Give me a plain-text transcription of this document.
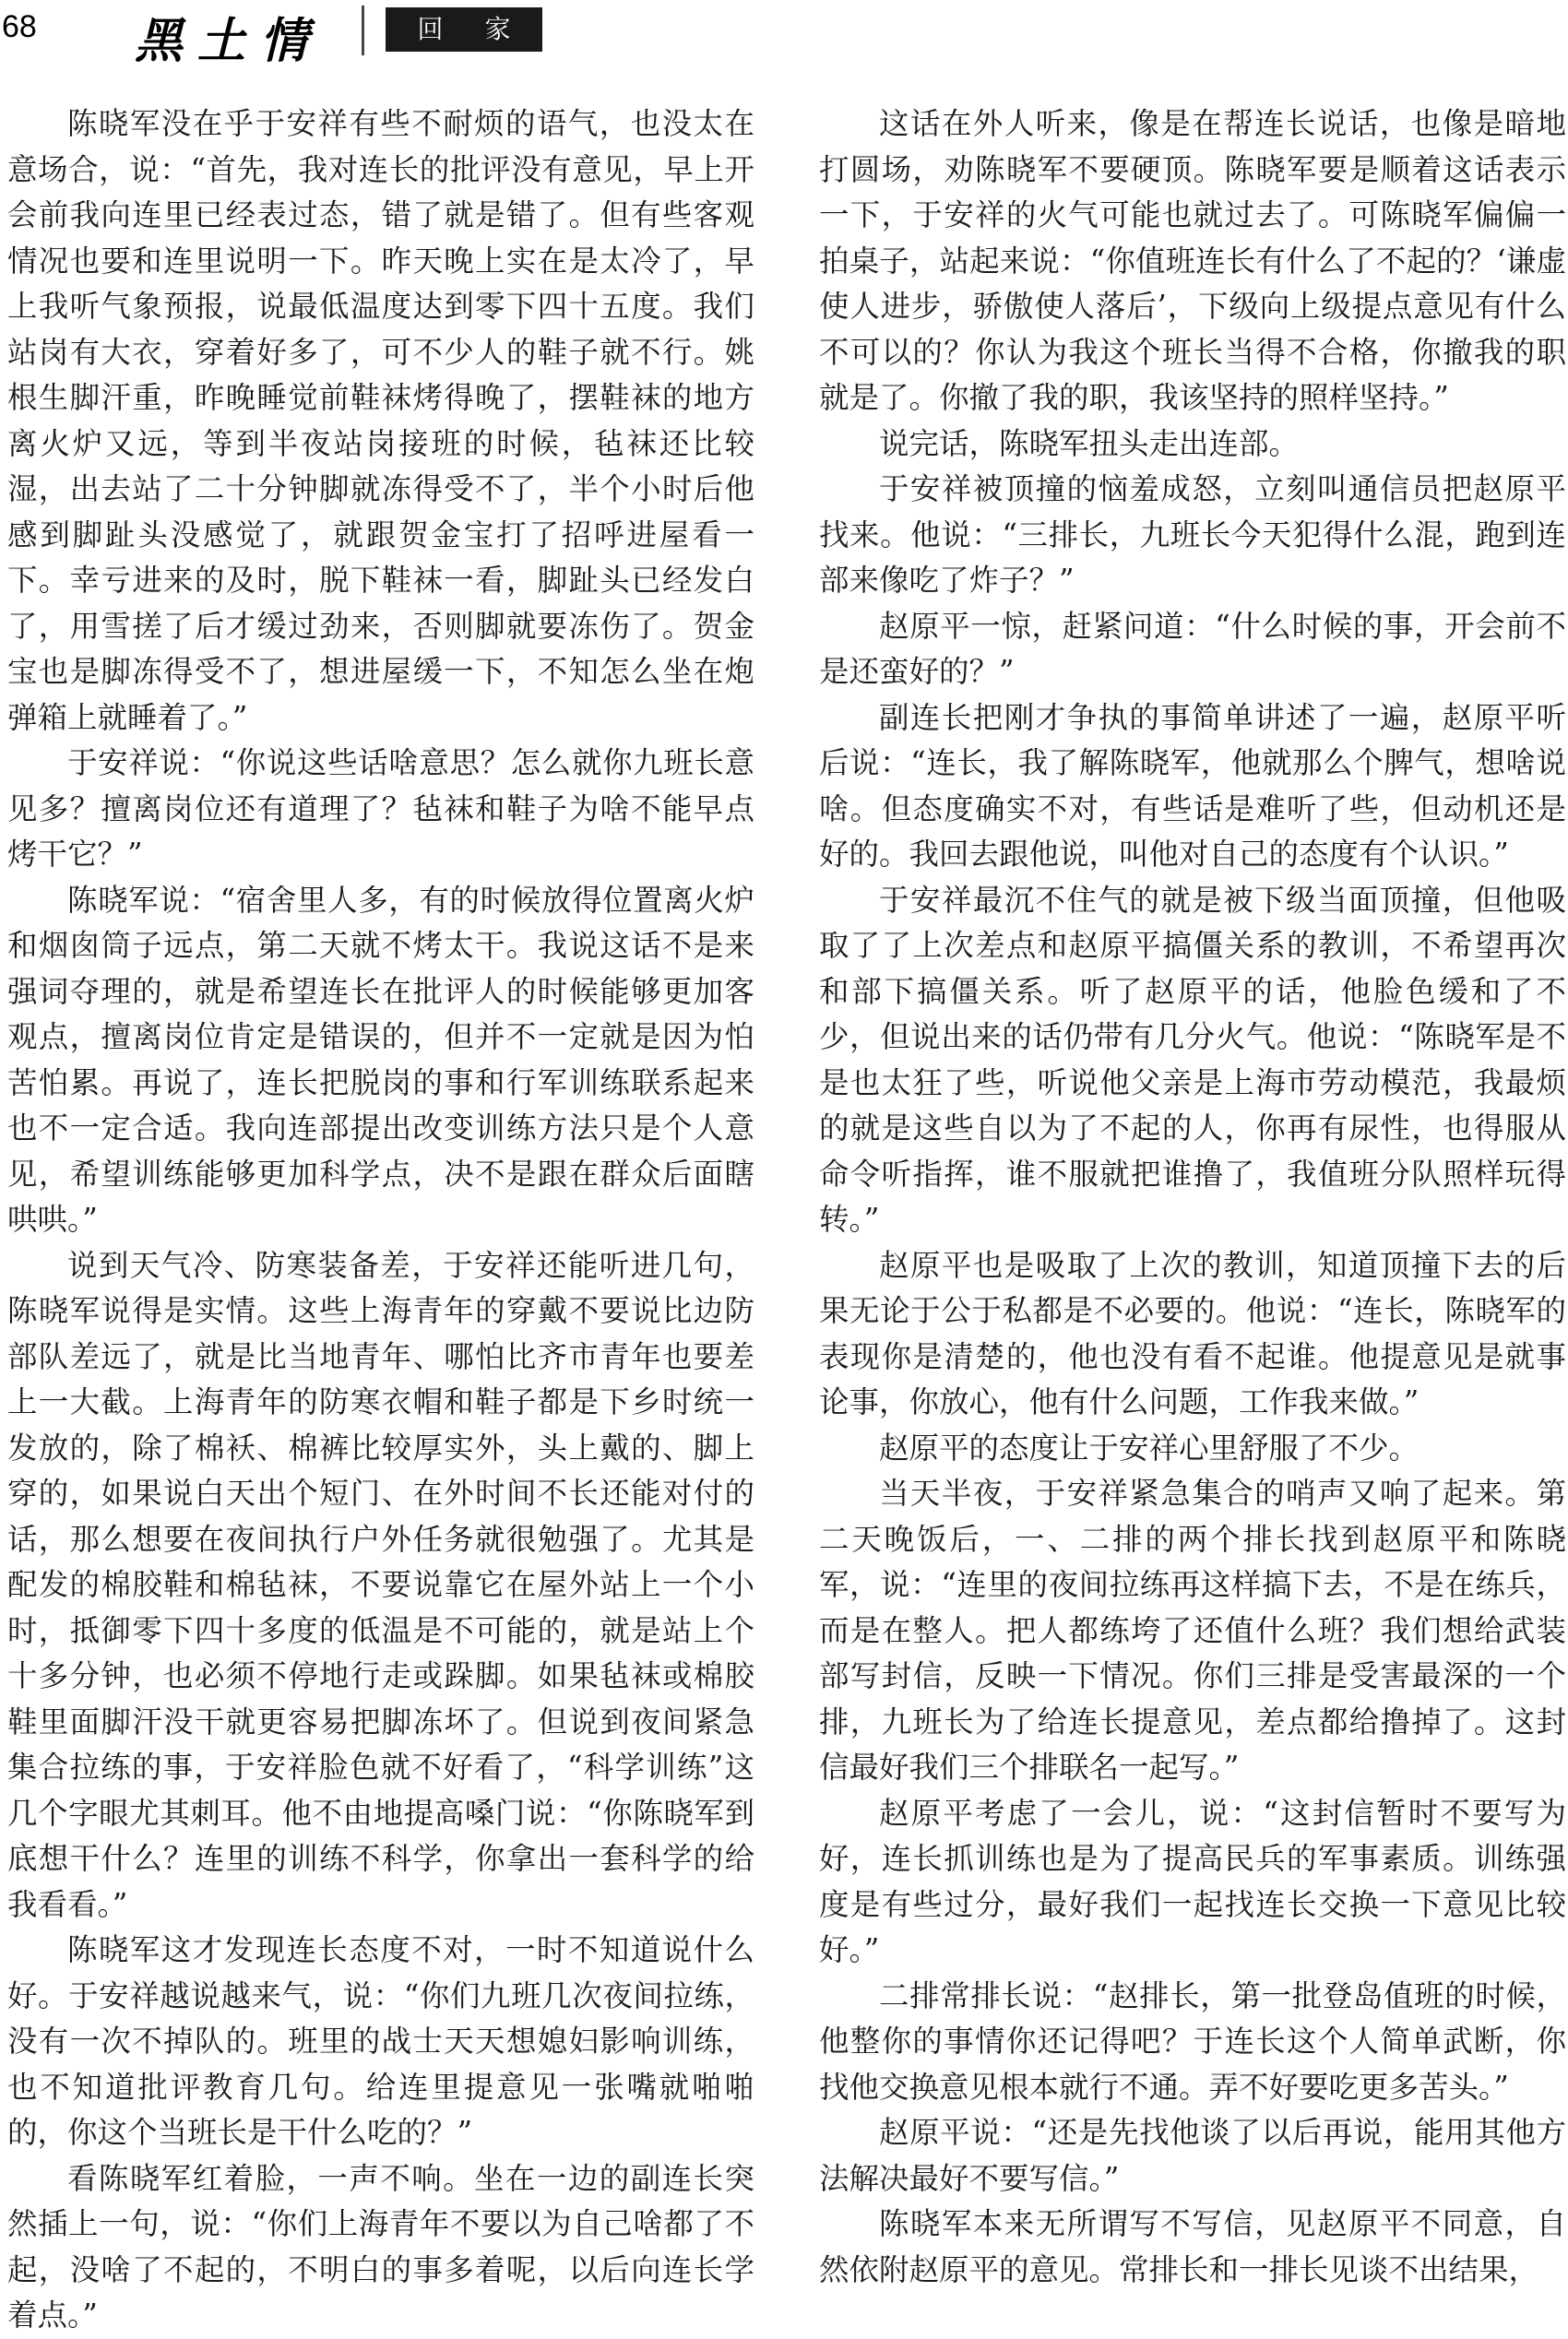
68 黑土情	回 家

陈晓军没在乎于安祥有些不耐烦的语气，也没太在意场合，说：“首先，我对连长的批评没有意见，早上开会前我向连里已经表过态，错了就是错了。但有些客观情况也要和连里说明一下。昨天晚上实在是太冷了，早上我听气象预报，说最低温度达到零下四十五度。我们站岗有大衣，穿着好多了，可不少人的鞋子就不行。姚根生脚汗重，昨晚睡觉前鞋袜烤得晚了，摆鞋袜的地方离火炉又远，等到半夜站岗接班的时候，毡袜还比较湿，出去站了二十分钟脚就冻得受不了，半个小时后他感到脚趾头没感觉了，就跟贺金宝打了招呼进屋看一下。幸亏进来的及时，脱下鞋袜一看，脚趾头已经发白了，用雪搓了后才缓过劲来，否则脚就要冻伤了。贺金宝也是脚冻得受不了，想进屋缓一下，不知怎么坐在炮弹箱上就睡着了。”

于安祥说：“你说这些话啥意思？怎么就你九班长意见多？擅离岗位还有道理了？毡袜和鞋子为啥不能早点烤干它？”

陈晓军说：“宿舍里人多，有的时候放得位置离火炉和烟囱筒子远点，第二天就不烤太干。我说这话不是来强词夺理的，就是希望连长在批评人的时候能够更加客观点，擅离岗位肯定是错误的，但并不一定就是因为怕苦怕累。再说了，连长把脱岗的事和行军训练联系起来也不一定合适。我向连部提出改变训练方法只是个人意见，希望训练能够更加科学点，决不是跟在群众后面瞎哄哄。”

说到天气冷、防寒装备差，于安祥还能听进几句，陈晓军说得是实情。这些上海青年的穿戴不要说比边防部队差远了，就是比当地青年、哪怕比齐市青年也要差上一大截。上海青年的防寒衣帽和鞋子都是下乡时统一发放的，除了棉袄、棉裤比较厚实外，头上戴的、脚上穿的，如果说白天出个短门、在外时间不长还能对付的话，那么想要在夜间执行户外任务就很勉强了。尤其是配发的棉胶鞋和棉毡袜，不要说靠它在屋外站上一个小时，抵御零下四十多度的低温是不可能的，就是站上个十多分钟，也必须不停地行走或跺脚。如果毡袜或棉胶鞋里面脚汗没干就更容易把脚冻坏了。但说到夜间紧急集合拉练的事，于安祥脸色就不好看了，“科学训练”这几个字眼尤其刺耳。他不由地提高嗓门说：“你陈晓军到底想干什么？连里的训练不科学，你拿出一套科学的给我看看。”

陈晓军这才发现连长态度不对，一时不知道说什么好。于安祥越说越来气，说：“你们九班几次夜间拉练，没有一次不掉队的。班里的战士天天想媳妇影响训练，也不知道批评教育几句。给连里提意见一张嘴就啪啪的，你这个当班长是干什么吃的？”

看陈晓军红着脸，一声不响。坐在一边的副连长突然插上一句，说：“你们上海青年不要以为自己啥都了不起，没啥了不起的，不明白的事多着呢，以后向连长学着点。”

这话在外人听来，像是在帮连长说话，也像是暗地打圆场，劝陈晓军不要硬顶。陈晓军要是顺着这话表示一下，于安祥的火气可能也就过去了。可陈晓军偏偏一拍桌子，站起来说：“你值班连长有什么了不起的？‘谦虚使人进步，骄傲使人落后’，下级向上级提点意见有什么不可以的？你认为我这个班长当得不合格，你撤我的职就是了。你撤了我的职，我该坚持的照样坚持。”

说完话，陈晓军扭头走出连部。

于安祥被顶撞的恼羞成怒，立刻叫通信员把赵原平找来。他说：“三排长，九班长今天犯得什么混，跑到连部来像吃了炸子？”

赵原平一惊，赶紧问道：“什么时候的事，开会前不是还蛮好的？”

副连长把刚才争执的事简单讲述了一遍，赵原平听后说：“连长，我了解陈晓军，他就那么个脾气，想啥说啥。但态度确实不对，有些话是难听了些，但动机还是好的。我回去跟他说，叫他对自己的态度有个认识。”

于安祥最沉不住气的就是被下级当面顶撞，但他吸取了了上次差点和赵原平搞僵关系的教训，不希望再次和部下搞僵关系。听了赵原平的话，他脸色缓和了不少，但说出来的话仍带有几分火气。他说：“陈晓军是不是也太狂了些，听说他父亲是上海市劳动模范，我最烦的就是这些自以为了不起的人，你再有尿性，也得服从命令听指挥，谁不服就把谁撸了，我值班分队照样玩得转。”

赵原平也是吸取了上次的教训，知道顶撞下去的后果无论于公于私都是不必要的。他说：“连长，陈晓军的表现你是清楚的，他也没有看不起谁。他提意见是就事论事，你放心，他有什么问题，工作我来做。”

赵原平的态度让于安祥心里舒服了不少。

当天半夜，于安祥紧急集合的哨声又响了起来。第二天晚饭后，一、二排的两个排长找到赵原平和陈晓军，说：“连里的夜间拉练再这样搞下去，不是在练兵，而是在整人。把人都练垮了还值什么班？我们想给武装部写封信，反映一下情况。你们三排是受害最深的一个排，九班长为了给连长提意见，差点都给撸掉了。这封信最好我们三个排联名一起写。”

赵原平考虑了一会儿，说：“这封信暂时不要写为好，连长抓训练也是为了提高民兵的军事素质。训练强度是有些过分，最好我们一起找连长交换一下意见比较好。”

二排常排长说：“赵排长，第一批登岛值班的时候，他整你的事情你还记得吧？于连长这个人简单武断，你找他交换意见根本就行不通。弄不好要吃更多苦头。”

赵原平说：“还是先找他谈了以后再说，能用其他方法解决最好不要写信。”

陈晓军本来无所谓写不写信，见赵原平不同意，自然依附赵原平的意见。常排长和一排长见谈不出结果，
